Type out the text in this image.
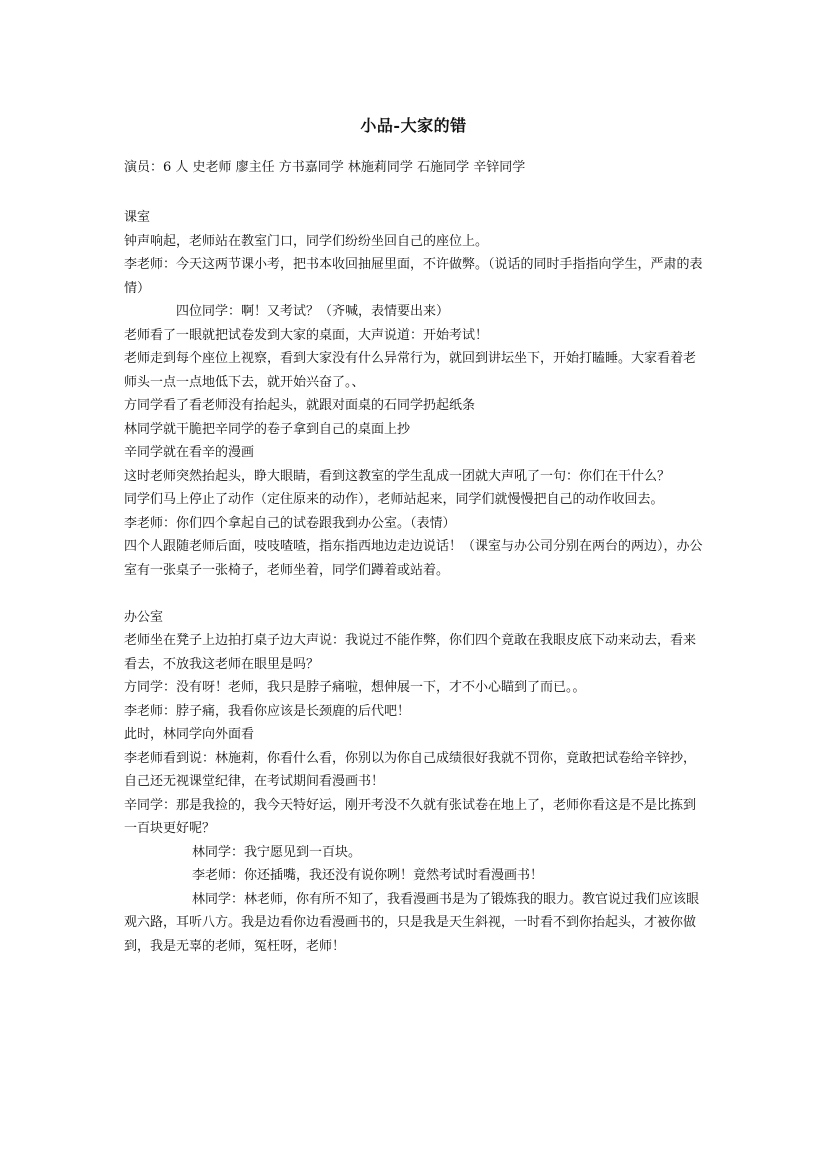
小品-大家的错
演员：6 人 史老师 廖主任 方书嘉同学 林施莉同学 石施同学 辛锌同学

课室

钟声响起，老师站在教室门口，同学们纷纷坐回自己的座位上。

李老师：今天这两节课小考，把书本收回抽屉里面，不许做弊。（说话的同时手指指向学生，严肃的表情）

四位同学：啊！又考试？（齐喊，表情要出来）

老师看了一眼就把试卷发到大家的桌面，大声说道：开始考试！

老师走到每个座位上视察，看到大家没有什么异常行为，就回到讲坛坐下，开始打瞌睡。大家看着老师头一点一点地低下去，就开始兴奋了。、

方同学看了看老师没有抬起头，就跟对面桌的石同学扔起纸条

林同学就干脆把辛同学的卷子拿到自己的桌面上抄

辛同学就在看辛的漫画

这时老师突然抬起头，睁大眼睛，看到这教室的学生乱成一团就大声吼了一句：你们在干什么？

同学们马上停止了动作（定住原来的动作），老师站起来，同学们就慢慢把自己的动作收回去。

李老师：你们四个拿起自己的试卷跟我到办公室。（表情）

四个人跟随老师后面，吱吱喳喳，指东指西地边走边说话！（课室与办公司分别在两台的两边），办公室有一张桌子一张椅子，老师坐着，同学们蹲着或站着。

办公室

老师坐在凳子上边拍打桌子边大声说：我说过不能作弊，你们四个竟敢在我眼皮底下动来动去，看来看去，不放我这老师在眼里是吗？

方同学：没有呀！老师，我只是脖子痛啦，想伸展一下，才不小心瞄到了而已。。

李老师：脖子痛，我看你应该是长颈鹿的后代吧！

此时，林同学向外面看

李老师看到说：林施莉，你看什么看，你别以为你自己成绩很好我就不罚你，竟敢把试卷给辛锌抄，自己还无视课堂纪律，在考试期间看漫画书！

辛同学：那是我捡的，我今天特好运，刚开考没不久就有张试卷在地上了，老师你看这是不是比拣到一百块更好呢？

林同学：我宁愿见到一百块。

李老师：你还插嘴，我还没有说你咧！竟然考试时看漫画书！

林同学：林老师，你有所不知了，我看漫画书是为了锻炼我的眼力。教官说过我们应该眼观六路，耳听八方。我是边看你边看漫画书的，只是我是天生斜视，一时看不到你抬起头，才被你做到，我是无辜的老师，冤枉呀，老师！
